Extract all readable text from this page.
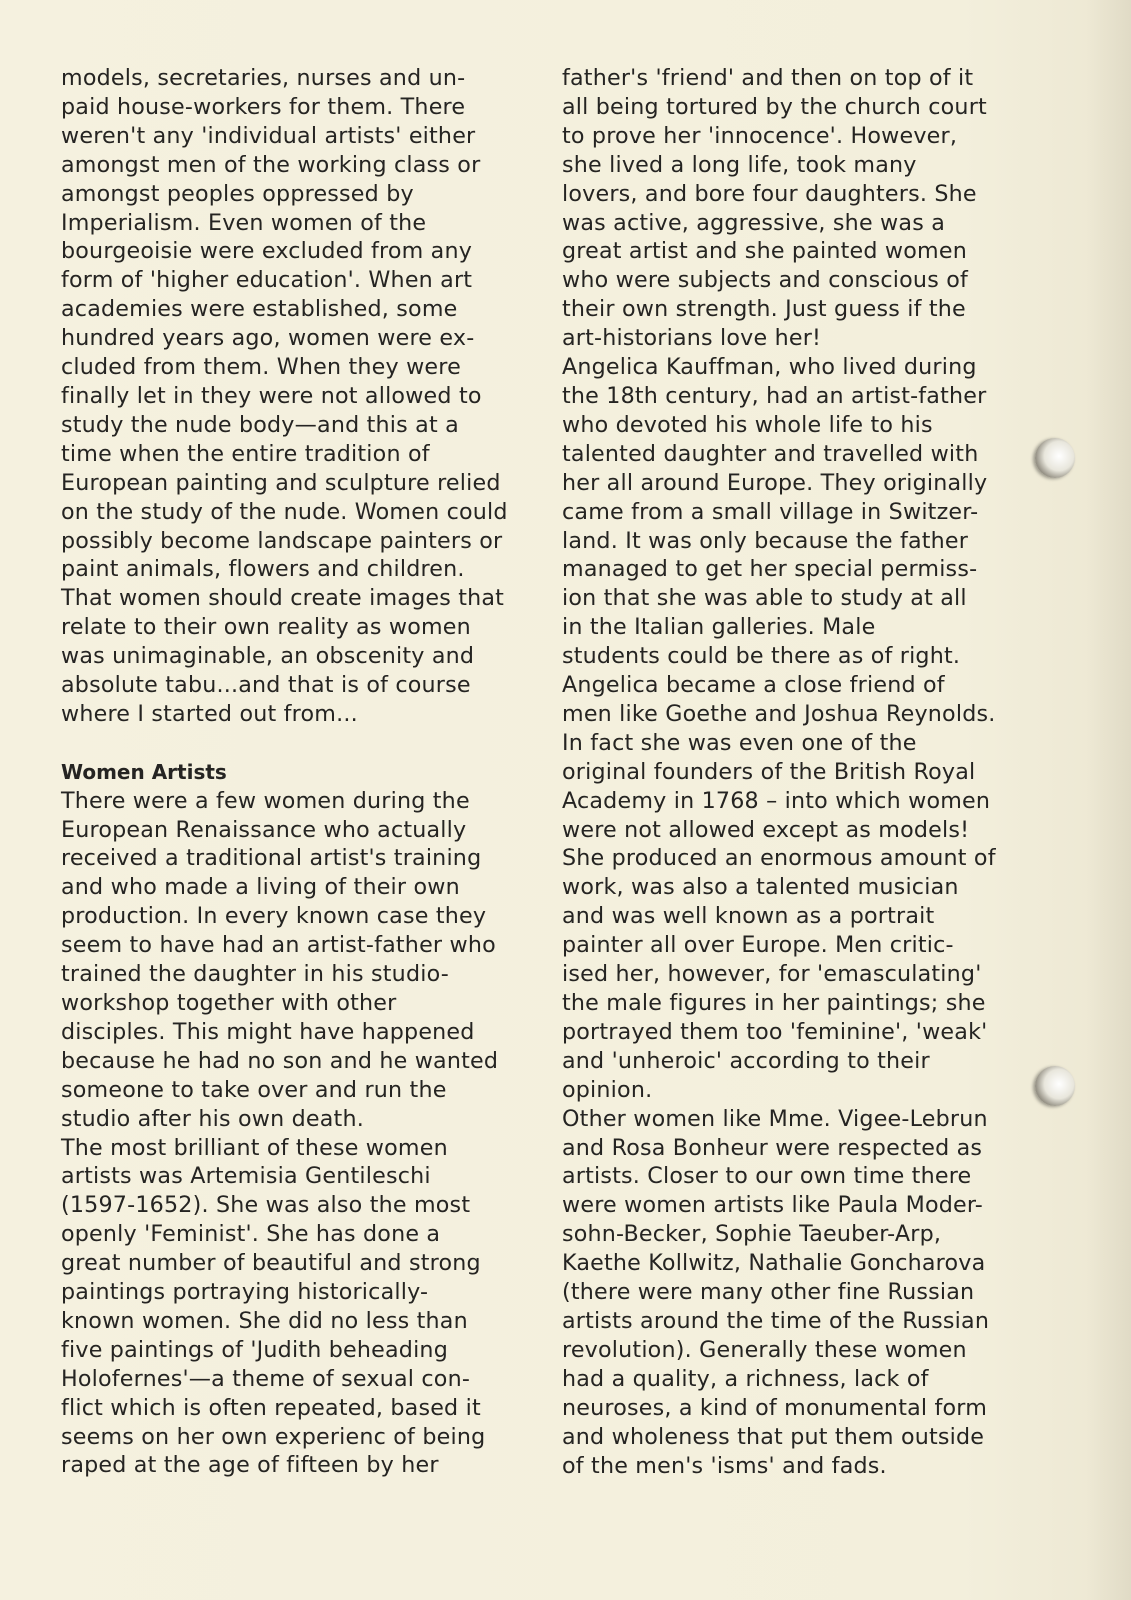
models, secretaries, nurses and un-
paid house-workers for them. There
weren't any 'individual artists' either
amongst men of the working class or
amongst peoples oppressed by
Imperialism. Even women of the
bourgeoisie were excluded from any
form of 'higher education'. When art
academies were established, some
hundred years ago, women were ex-
cluded from them. When they were
finally let in they were not allowed to
study the nude body—and this at a
time when the entire tradition of
European painting and sculpture relied
on the study of the nude. Women could
possibly become landscape painters or
paint animals, flowers and children.
That women should create images that
relate to their own reality as women
was unimaginable, an obscenity and
absolute tabu...and that is of course
where I started out from...
Women Artists
There were a few women during the
European Renaissance who actually
received a traditional artist's training
and who made a living of their own
production. In every known case they
seem to have had an artist-father who
trained the daughter in his studio-
workshop together with other
disciples. This might have happened
because he had no son and he wanted
someone to take over and run the
studio after his own death.
The most brilliant of these women
artists was Artemisia Gentileschi
(1597-1652). She was also the most
openly 'Feminist'. She has done a
great number of beautiful and strong
paintings portraying historically-
known women. She did no less than
five paintings of 'Judith beheading
Holofernes'—a theme of sexual con-
flict which is often repeated, based it
seems on her own experienc of being
raped at the age of fifteen by her
father's 'friend' and then on top of it
all being tortured by the church court
to prove her 'innocence'. However,
she lived a long life, took many
lovers, and bore four daughters. She
was active, aggressive, she was a
great artist and she painted women
who were subjects and conscious of
their own strength. Just guess if the
art-historians love her!
Angelica Kauffman, who lived during
the 18th century, had an artist-father
who devoted his whole life to his
talented daughter and travelled with
her all around Europe. They originally
came from a small village in Switzer-
land. It was only because the father
managed to get her special permiss-
ion that she was able to study at all
in the Italian galleries. Male
students could be there as of right.
Angelica became a close friend of
men like Goethe and Joshua Reynolds.
In fact she was even one of the
original founders of the British Royal
Academy in 1768 – into which women
were not allowed except as models!
She produced an enormous amount of
work, was also a talented musician
and was well known as a portrait
painter all over Europe. Men critic-
ised her, however, for 'emasculating'
the male figures in her paintings; she
portrayed them too 'feminine', 'weak'
and 'unheroic' according to their
opinion.
Other women like Mme. Vigee-Lebrun
and Rosa Bonheur were respected as
artists. Closer to our own time there
were women artists like Paula Moder-
sohn-Becker, Sophie Taeuber-Arp,
Kaethe Kollwitz, Nathalie Goncharova
(there were many other fine Russian
artists around the time of the Russian
revolution). Generally these women
had a quality, a richness, lack of
neuroses, a kind of monumental form
and wholeness that put them outside
of the men's 'isms' and fads.
